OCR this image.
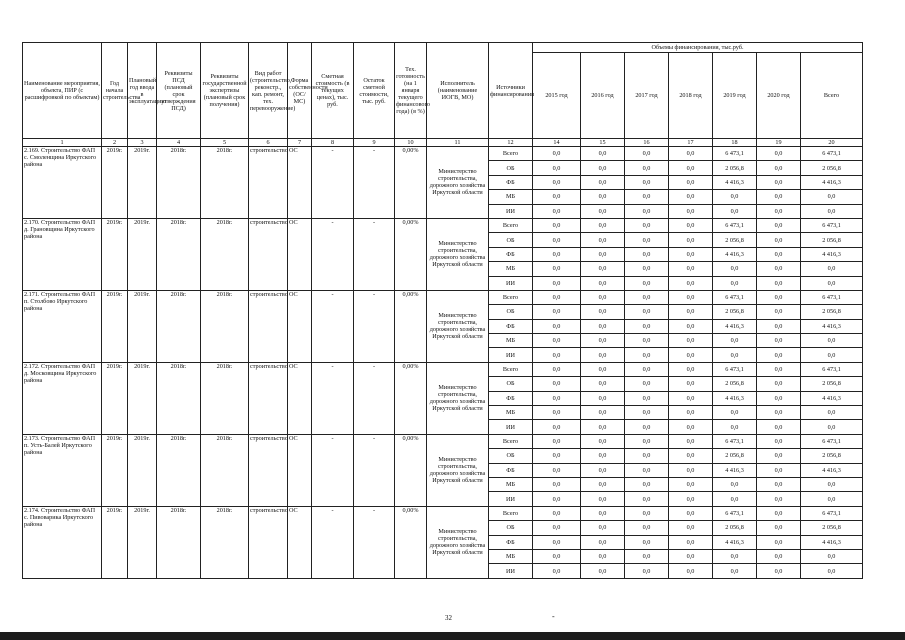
Наименование мероприятия, объекта, ПИР (с расшифровкой по объектам)	Год начала строительства	Плановый год ввода в эксплуатацию	Реквизиты ПСД (плановый срок утверждения ПСД)	Реквизиты государственной экспертизы (плановый срок получения)	Вид работ (строительство, реконстр., кап. ремонт, тех. перевооружение)	Форма собственности (ОС/МС)	Сметная стоимость (в текущих ценах), тыс. руб.	Остаток сметной стоимости, тыс. руб.	Тех. готовность (на 1 января текущего финансового года) (в %)	Исполнитель (наименование ИОГВ, МО)	Источники финансирования	Объемы финансирования, тыс.руб.						
												2015 год	2016 год	2017 год	2018 год	2019 год	2020 год	Всего
1	2	3	4	5	6	7	8	9	10	11	12	14	15	16	17	18	19	20
2.169. Строительство ФАП с. Смоленщина Иркутского района	2019г.	2019г.	2018г.	2018г.	строительство	ОС	-	-	0,00%	Министерство строительства, дорожного хозяйства Иркутской области	Всего	0,0	0,0	0,0	0,0	6 473,1	0,0	6 473,1
											ОБ	0,0	0,0	0,0	0,0	2 056,8	0,0	2 056,8
											ФБ	0,0	0,0	0,0	0,0	4 416,3	0,0	4 416,3
											МБ	0,0	0,0	0,0	0,0	0,0	0,0	0,0
											ИИ	0,0	0,0	0,0	0,0	0,0	0,0	0,0
2.170. Строительство ФАП д. Грановщина Иркутского района	2019г.	2019г.	2018г.	2018г.	строительство	ОС	-	-	0,00%	Министерство строительства, дорожного хозяйства Иркутской области	Всего	0,0	0,0	0,0	0,0	6 473,1	0,0	6 473,1
											ОБ	0,0	0,0	0,0	0,0	2 056,8	0,0	2 056,8
											ФБ	0,0	0,0	0,0	0,0	4 416,3	0,0	4 416,3
											МБ	0,0	0,0	0,0	0,0	0,0	0,0	0,0
											ИИ	0,0	0,0	0,0	0,0	0,0	0,0	0,0
2.171. Строительство ФАП п. Столбово Иркутского района	2019г.	2019г.	2018г.	2018г.	строительство	ОС	-	-	0,00%	Министерство строительства, дорожного хозяйства Иркутской области	Всего	0,0	0,0	0,0	0,0	6 473,1	0,0	6 473,1
											ОБ	0,0	0,0	0,0	0,0	2 056,8	0,0	2 056,8
											ФБ	0,0	0,0	0,0	0,0	4 416,3	0,0	4 416,3
											МБ	0,0	0,0	0,0	0,0	0,0	0,0	0,0
											ИИ	0,0	0,0	0,0	0,0	0,0	0,0	0,0
2.172. Строительство ФАП д. Московщина Иркутского района	2019г.	2019г.	2018г.	2018г.	строительство	ОС	-	-	0,00%	Министерство строительства, дорожного хозяйства Иркутской области	Всего	0,0	0,0	0,0	0,0	6 473,1	0,0	6 473,1
											ОБ	0,0	0,0	0,0	0,0	2 056,8	0,0	2 056,8
											ФБ	0,0	0,0	0,0	0,0	4 416,3	0,0	4 416,3
											МБ	0,0	0,0	0,0	0,0	0,0	0,0	0,0
											ИИ	0,0	0,0	0,0	0,0	0,0	0,0	0,0
2.173. Строительство ФАП п. Усть-Балей Иркутского района	2019г.	2019г.	2018г.	2018г.	строительство	ОС	-	-	0,00%	Министерство строительства, дорожного хозяйства Иркутской области	Всего	0,0	0,0	0,0	0,0	6 473,1	0,0	6 473,1
											ОБ	0,0	0,0	0,0	0,0	2 056,8	0,0	2 056,8
											ФБ	0,0	0,0	0,0	0,0	4 416,3	0,0	4 416,3
											МБ	0,0	0,0	0,0	0,0	0,0	0,0	0,0
											ИИ	0,0	0,0	0,0	0,0	0,0	0,0	0,0
2.174. Строительство ФАП с. Пивоварика Иркутского района	2019г.	2019г.	2018г.	2018г.	строительство	ОС	-	-	0,00%	Министерство строительства, дорожного хозяйства Иркутской области	Всего	0,0	0,0	0,0	0,0	6 473,1	0,0	6 473,1
											ОБ	0,0	0,0	0,0	0,0	2 056,8	0,0	2 056,8
											ФБ	0,0	0,0	0,0	0,0	4 416,3	0,0	4 416,3
											МБ	0,0	0,0	0,0	0,0	0,0	0,0	0,0
											ИИ	0,0	0,0	0,0	0,0	0,0	0,0	0,0
32	-
